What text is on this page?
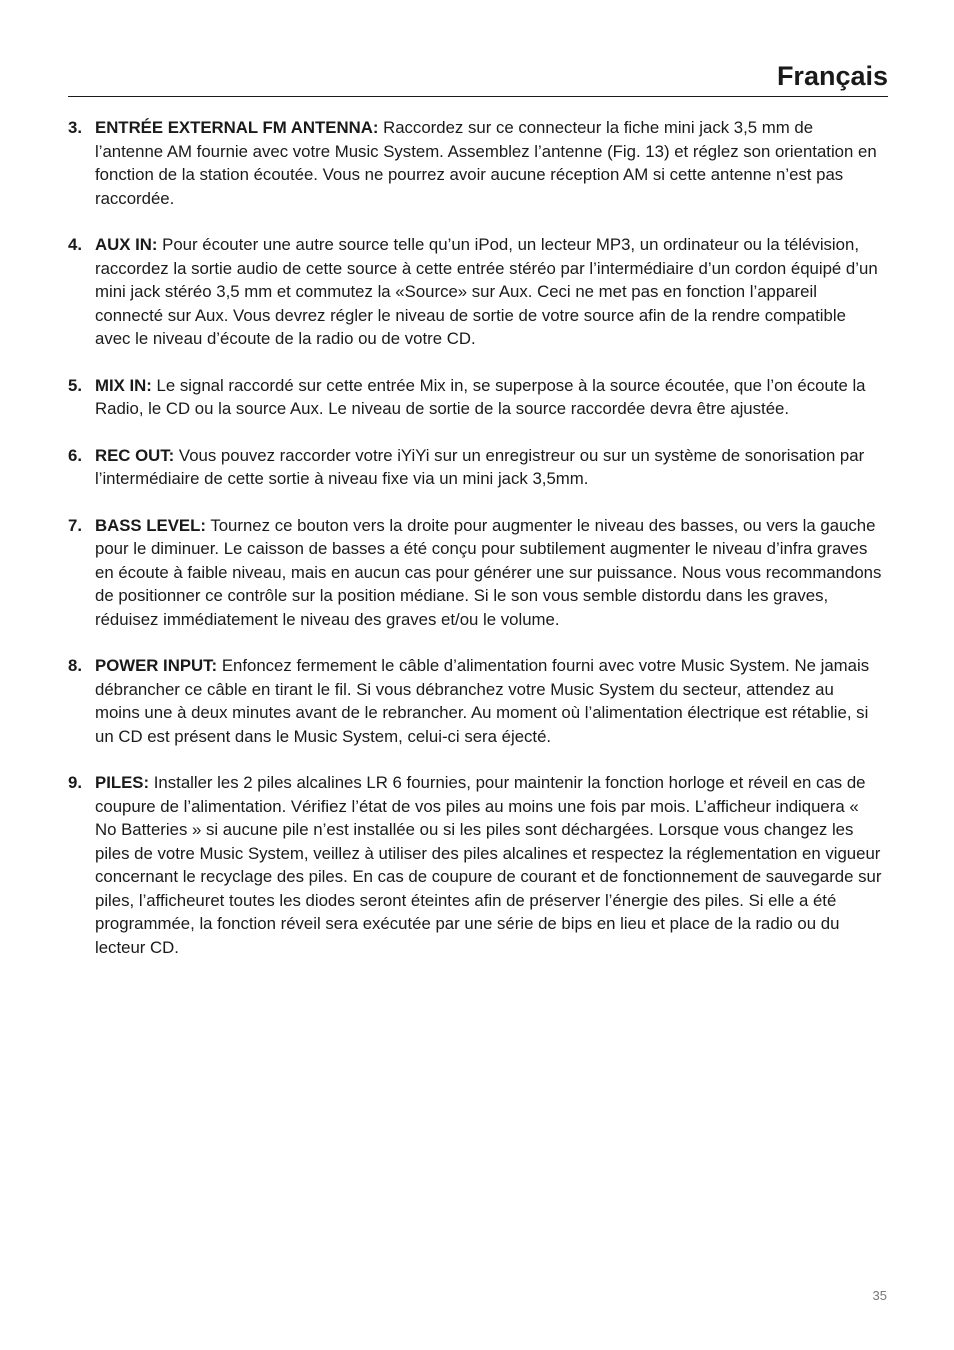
Français
3. ENTRÉE EXTERNAL FM ANTENNA: Raccordez sur ce connecteur la fiche mini jack 3,5 mm de l’antenne AM fournie avec votre Music System. Assemblez l’antenne (Fig. 13) et réglez son orientation en fonction de la station écoutée. Vous ne pourrez avoir aucune réception AM si cette antenne n’est pas raccordée.
4. AUX IN: Pour écouter une autre source telle qu’un iPod, un lecteur MP3, un ordinateur ou la télévision, raccordez la sortie audio de cette source à cette entrée stéréo par l’intermédiaire d’un cordon équipé d’un mini jack stéréo 3,5 mm et commutez la «Source» sur Aux. Ceci ne met pas en fonction l’appareil connecté sur Aux. Vous devrez régler le niveau de sortie de votre source afin de la rendre compatible avec le niveau d’écoute de la radio ou de votre CD.
5. MIX IN: Le signal raccordé sur cette entrée Mix in, se superpose à la source écoutée, que l’on écoute la Radio, le CD ou la source Aux. Le niveau de sortie de la source raccordée devra être ajustée.
6. REC OUT: Vous pouvez raccorder votre iYiYi sur un enregistreur ou sur un système de sonorisation par l’intermédiaire de cette sortie à niveau fixe via un mini jack 3,5mm.
7. BASS LEVEL: Tournez ce bouton vers la droite pour augmenter le niveau des basses, ou vers la gauche pour le diminuer. Le caisson de basses a été conçu pour subtilement augmenter le niveau d’infra graves en écoute à faible niveau, mais en aucun cas pour générer une sur puissance. Nous vous recommandons de positionner ce contrôle sur la position médiane. Si le son vous semble distordu dans les graves, réduisez immédiatement le niveau des graves et/ou le volume.
8. POWER INPUT: Enfoncez fermement le câble d’alimentation fourni avec votre Music System. Ne jamais débrancher ce câble en tirant le fil. Si vous débranchez votre Music System du secteur, attendez au moins une à deux minutes avant de le rebrancher. Au moment où l’alimentation électrique est rétablie, si un CD est présent dans le Music System, celui-ci sera éjecté.
9. PILES: Installer les 2 piles alcalines LR 6 fournies, pour maintenir la fonction horloge et réveil en cas de coupure de l’alimentation. Vérifiez l’état de vos piles au moins une fois par mois. L’afficheur indiquera « No Batteries » si aucune pile n’est installée ou si les piles sont déchargées. Lorsque vous changez les piles de votre Music System, veillez à utiliser des piles alcalines et respectez la réglementation en vigueur concernant le recyclage des piles. En cas de coupure de courant et de fonctionnement de sauvegarde sur piles, l’afficheuret toutes les diodes seront éteintes afin de préserver l’énergie des piles. Si elle a été programmée, la fonction réveil sera exécutée par une série de bips en lieu et place de la radio ou du lecteur CD.
35
